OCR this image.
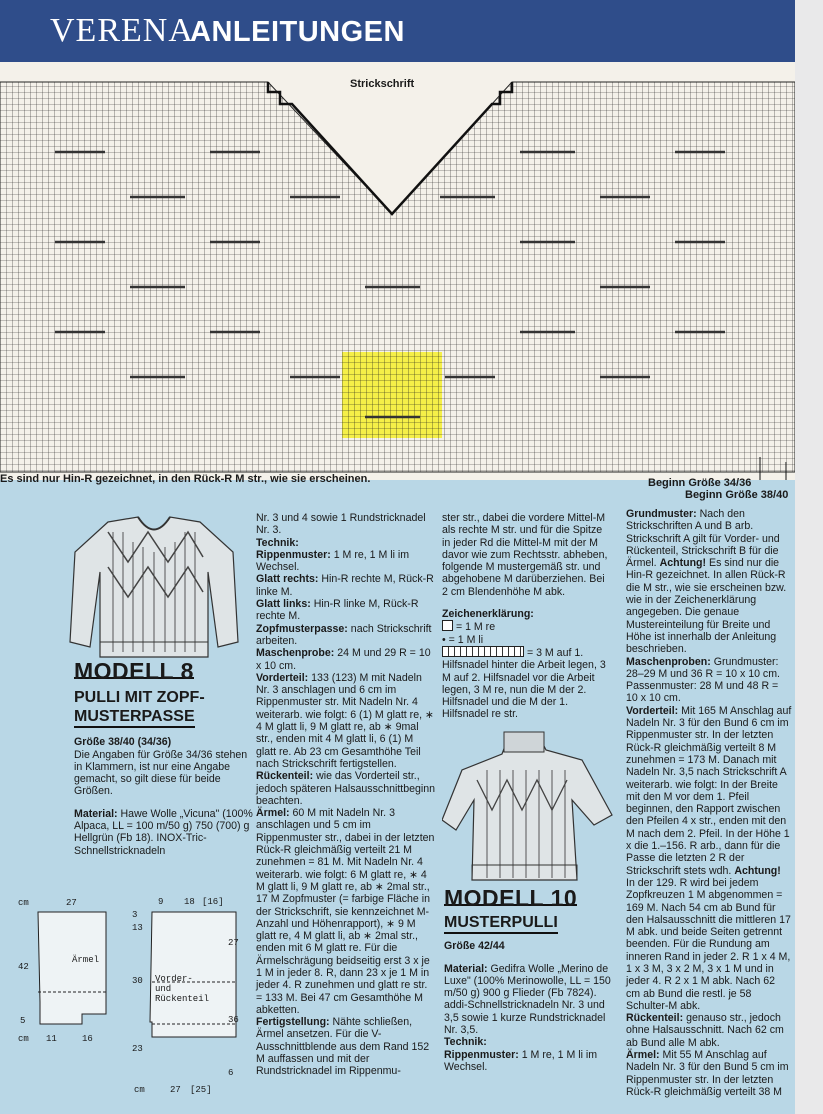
VERENA
ANLEITUNGEN
Strickschrift
Es sind nur Hin-R gezeichnet, in den Rück-R M str., wie sie erscheinen.	Beginn Größe 34/36
Beginn Größe 38/40
MODELL 8
PULLI MIT ZOPF-
MUSTERPASSE
Größe 38/40 (34/36)
Die Angaben für Größe 34/36 stehen in Klammern, ist nur eine Angabe gemacht, so gilt diese für beide Größen.
Material: Hawe Wolle „Vicuna" (100% Alpaca, LL = 100 m/50 g) 750 (700) g Hellgrün (Fb 18). INOX-Tric-Schnellstricknadeln
cm	27
42
5
cm 11	16
Ärmel
9 18 [16]
3
13
27
30
36
23
6
cm	27 [25]
Vorder-
und
Rückenteil
Nr. 3 und 4 sowie 1 Rundstricknadel Nr. 3.
Technik:
Rippenmuster: 1 M re, 1 M li im Wechsel.
Glatt rechts: Hin-R rechte M, Rück-R linke M.
Glatt links: Hin-R linke M, Rück-R rechte M.
Zopfmusterpasse: nach Strickschrift arbeiten.
Maschenprobe: 24 M und 29 R = 10 x 10 cm.
Vorderteil: 133 (123) M mit Nadeln Nr. 3 anschlagen und 6 cm im Rippenmuster str. Mit Nadeln Nr. 4 weiterarb. wie folgt: 6 (1) M glatt re, ∗ 4 M glatt li, 9 M glatt re, ab ∗ 9mal str., enden mit 4 M glatt li, 6 (1) M glatt re. Ab 23 cm Gesamthöhe Teil nach Strickschrift fertigstellen.
Rückenteil: wie das Vorderteil str., jedoch späteren Halsausschnittbeginn beachten.
Ärmel: 60 M mit Nadeln Nr. 3 anschlagen und 5 cm im Rippenmuster str., dabei in der letzten Rück-R gleichmäßig verteilt 21 M zunehmen = 81 M. Mit Nadeln Nr. 4 weiterarb. wie folgt: 6 M glatt re, ∗ 4 M glatt li, 9 M glatt re, ab ∗ 2mal str., 17 M Zopfmuster (= farbige Fläche in der Strickschrift, sie kennzeichnet M-Anzahl und Höhenrapport), ∗ 9 M glatt re, 4 M glatt li, ab ∗ 2mal str., enden mit 6 M glatt re. Für die Ärmelschrägung beidseitig erst 3 x je 1 M in jeder 8. R, dann 23 x je 1 M in jeder 4. R zunehmen und glatt re str. = 133 M. Bei 47 cm Gesamthöhe M abketten.
Fertigstellung: Nähte schließen, Ärmel ansetzen. Für die V-Ausschnittblende aus dem Rand 152 M auffassen und mit der Rundstricknadel im Rippenmu-
ster str., dabei die vordere Mittel-M als rechte M str. und für die Spitze in jeder Rd die Mittel-M mit der M davor wie zum Rechtsstr. abheben, folgende M mustergemäß str. und abgehobene M darüberziehen. Bei 2 cm Blendenhöhe M abk.
Zeichenerklärung:
= 1 M re
• = 1 M li
= 3 M auf 1. Hilfsnadel hinter die Arbeit legen, 3 M auf 2. Hilfsnadel vor die Arbeit legen, 3 M re, nun die M der 2. Hilfsnadel und die M der 1. Hilfsnadel re str.
MODELL 10 MUSTERPULLI
Größe 42/44
Material: Gedifra Wolle „Merino de Luxe" (100% Merinowolle, LL = 150 m/50 g) 900 g Flieder (Fb 7824). addi-Schnellstricknadeln Nr. 3 und 3,5 sowie 1 kurze Rundstricknadel Nr. 3,5.
Technik:
Rippenmuster: 1 M re, 1 M li im Wechsel.
Grundmuster: Nach den Strickschriften A und B arb. Strickschrift A gilt für Vorder- und Rückenteil, Strickschrift B für die Ärmel. Achtung! Es sind nur die Hin-R gezeichnet. In allen Rück-R die M str., wie sie erscheinen bzw. wie in der Zeichenerklärung angegeben. Die genaue Mustereinteilung für Breite und Höhe ist innerhalb der Anleitung beschrieben.
Maschenproben: Grundmuster: 28–29 M und 36 R = 10 x 10 cm. Passenmuster: 28 M und 48 R = 10 x 10 cm.
Vorderteil: Mit 165 M Anschlag auf Nadeln Nr. 3 für den Bund 6 cm im Rippenmuster str. In der letzten Rück-R gleichmäßig verteilt 8 M zunehmen = 173 M. Danach mit Nadeln Nr. 3,5 nach Strickschrift A weiterarb. wie folgt: In der Breite mit den M vor dem 1. Pfeil beginnen, den Rapport zwischen den Pfeilen 4 x str., enden mit den M nach dem 2. Pfeil. In der Höhe 1 x die 1.–156. R arb., dann für die Passe die letzten 2 R der Strickschrift stets wdh. Achtung! In der 129. R wird bei jedem Zopfkreuzen 1 M abgenommen = 169 M. Nach 54 cm ab Bund für den Halsausschnitt die mittleren 17 M abk. und beide Seiten getrennt beenden. Für die Rundung am inneren Rand in jeder 2. R 1 x 4 M, 1 x 3 M, 3 x 2 M, 3 x 1 M und in jeder 4. R 2 x 1 M abk. Nach 62 cm ab Bund die restl. je 58 Schulter-M abk.
Rückenteil: genauso str., jedoch ohne Halsausschnitt. Nach 62 cm ab Bund alle M abk.
Ärmel: Mit 55 M Anschlag auf Nadeln Nr. 3 für den Bund 5 cm im Rippenmuster str. In der letzten Rück-R gleichmäßig verteilt 38 M
